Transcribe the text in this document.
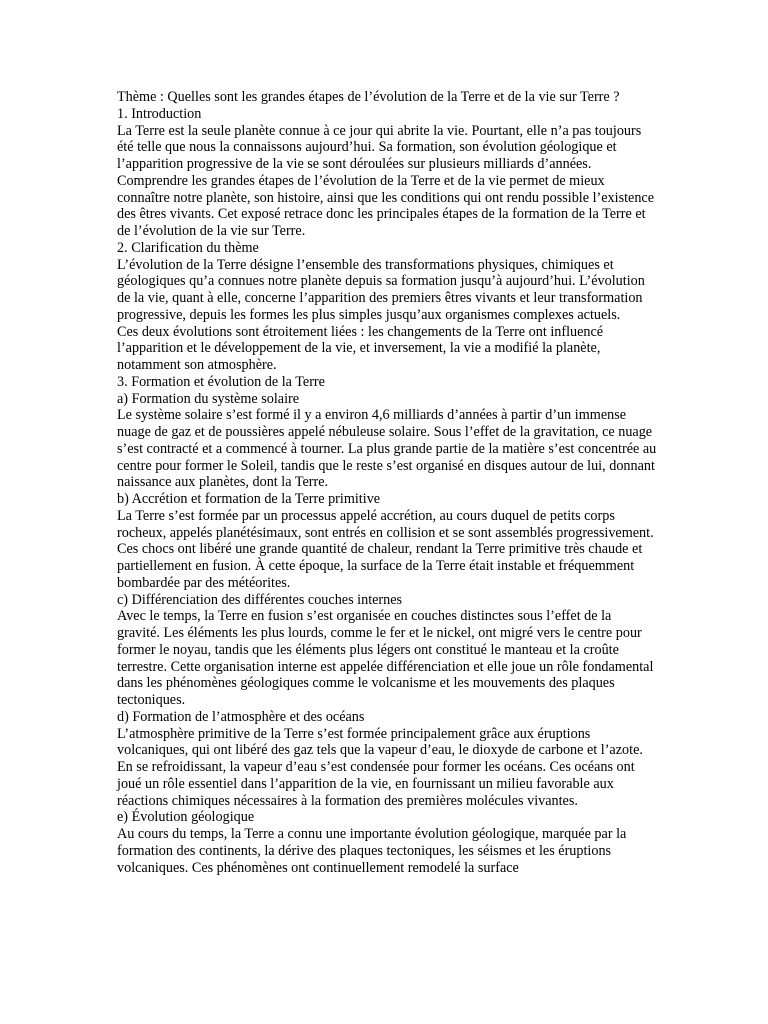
Thème : Quelles sont les grandes étapes de l’évolution de la Terre et de la vie sur Terre ?

1. Introduction

La Terre est la seule planète connue à ce jour qui abrite la vie. Pourtant, elle n’a pas toujours été telle que nous la connaissons aujourd’hui. Sa formation, son évolution géologique et l’apparition progressive de la vie se sont déroulées sur plusieurs milliards d’années. Comprendre les grandes étapes de l’évolution de la Terre et de la vie permet de mieux connaître notre planète, son histoire, ainsi que les conditions qui ont rendu possible l’existence des êtres vivants. Cet exposé retrace donc les principales étapes de la formation de la Terre et de l’évolution de la vie sur Terre.

2. Clarification du thème

L’évolution de la Terre désigne l’ensemble des transformations physiques, chimiques et géologiques qu’a connues notre planète depuis sa formation jusqu’à aujourd’hui. L’évolution de la vie, quant à elle, concerne l’apparition des premiers êtres vivants et leur transformation progressive, depuis les formes les plus simples jusqu’aux organismes complexes actuels.

Ces deux évolutions sont étroitement liées : les changements de la Terre ont influencé l’apparition et le développement de la vie, et inversement, la vie a modifié la planète, notamment son atmosphère.

3. Formation et évolution de la Terre

a) Formation du système solaire

Le système solaire s’est formé il y a environ 4,6 milliards d’années à partir d’un immense nuage de gaz et de poussières appelé nébuleuse solaire. Sous l’effet de la gravitation, ce nuage s’est contracté et a commencé à tourner. La plus grande partie de la matière s’est concentrée au centre pour former le Soleil, tandis que le reste s’est organisé en disques autour de lui, donnant naissance aux planètes, dont la Terre.

b) Accrétion et formation de la Terre primitive

La Terre s’est formée par un processus appelé accrétion, au cours duquel de petits corps rocheux, appelés planétésimaux, sont entrés en collision et se sont assemblés progressivement. Ces chocs ont libéré une grande quantité de chaleur, rendant la Terre primitive très chaude et partiellement en fusion. À cette époque, la surface de la Terre était instable et fréquemment bombardée par des météorites.

c) Différenciation des différentes couches internes

Avec le temps, la Terre en fusion s’est organisée en couches distinctes sous l’effet de la gravité. Les éléments les plus lourds, comme le fer et le nickel, ont migré vers le centre pour former le noyau, tandis que les éléments plus légers ont constitué le manteau et la croûte terrestre. Cette organisation interne est appelée différenciation et elle joue un rôle fondamental dans les phénomènes géologiques comme le volcanisme et les mouvements des plaques tectoniques.

d) Formation de l’atmosphère et des océans

L’atmosphère primitive de la Terre s’est formée principalement grâce aux éruptions volcaniques, qui ont libéré des gaz tels que la vapeur d’eau, le dioxyde de carbone et l’azote. En se refroidissant, la vapeur d’eau s’est condensée pour former les océans. Ces océans ont joué un rôle essentiel dans l’apparition de la vie, en fournissant un milieu favorable aux réactions chimiques nécessaires à la formation des premières molécules vivantes.

e) Évolution géologique

Au cours du temps, la Terre a connu une importante évolution géologique, marquée par la formation des continents, la dérive des plaques tectoniques, les séismes et les éruptions volcaniques. Ces phénomènes ont continuellement remodelé la surface
